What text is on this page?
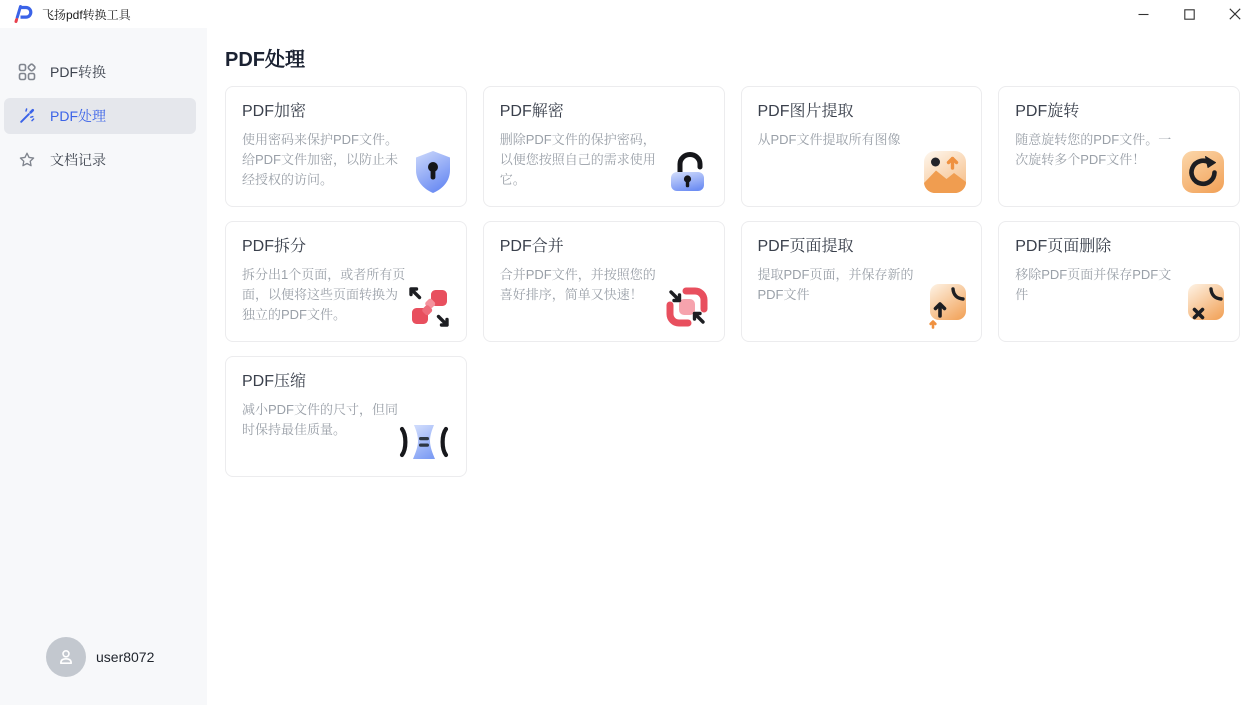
飞扬pdf转换工具
PDF转换
PDF处理
文档记录
user8072
PDF处理
PDF加密
使用密码来保护PDF文件。给PDF文件加密，以防止未经授权的访问。
PDF解密
删除PDF文件的保护密码，以便您按照自己的需求使用它。
PDF图片提取
从PDF文件提取所有图像
PDF旋转
随意旋转您的PDF文件。一次旋转多个PDF文件！
PDF拆分
拆分出1个页面，或者所有页面，以便将这些页面转换为独立的PDF文件。
PDF合并
合并PDF文件，并按照您的喜好排序，简单又快速！
PDF页面提取
提取PDF页面，并保存新的PDF文件
PDF页面删除
移除PDF页面并保存PDF文件
PDF压缩
减小PDF文件的尺寸，但同时保持最佳质量。
